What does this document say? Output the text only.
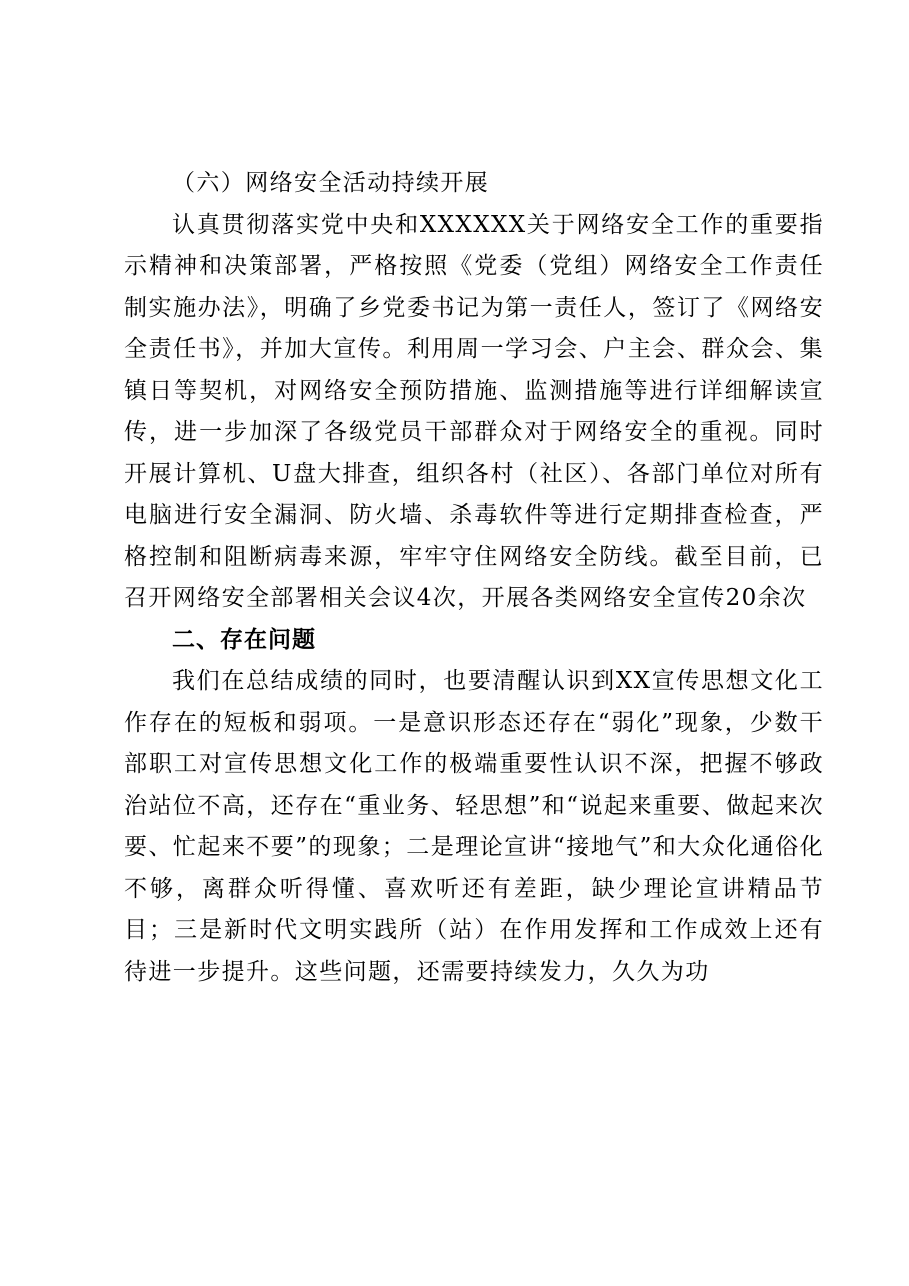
（六）网络安全活动持续开展

认真贯彻落实党中央和XXXXXX关于网络安全工作的重要指示精神和决策部署，严格按照《党委（党组）网络安全工作责任制实施办法》，明确了乡党委书记为第一责任人，签订了《网络安全责任书》，并加大宣传。利用周一学习会、户主会、群众会、集镇日等契机，对网络安全预防措施、监测措施等进行详细解读宣传，进一步加深了各级党员干部群众对于网络安全的重视。同时开展计算机、U盘大排查，组织各村（社区）、各部门单位对所有电脑进行安全漏洞、防火墙、杀毒软件等进行定期排查检查，严格控制和阻断病毒来源，牢牢守住网络安全防线。截至目前，已召开网络安全部署相关会议4次，开展各类网络安全宣传20余次

二、存在问题

我们在总结成绩的同时，也要清醒认识到XX宣传思想文化工作存在的短板和弱项。一是意识形态还存在“弱化”现象，少数干部职工对宣传思想文化工作的极端重要性认识不深，把握不够政治站位不高，还存在“重业务、轻思想”和“说起来重要、做起来次要、忙起来不要”的现象；二是理论宣讲“接地气”和大众化通俗化不够，离群众听得懂、喜欢听还有差距，缺少理论宣讲精品节目；三是新时代文明实践所（站）在作用发挥和工作成效上还有待进一步提升。这些问题，还需要持续发力，久久为功
